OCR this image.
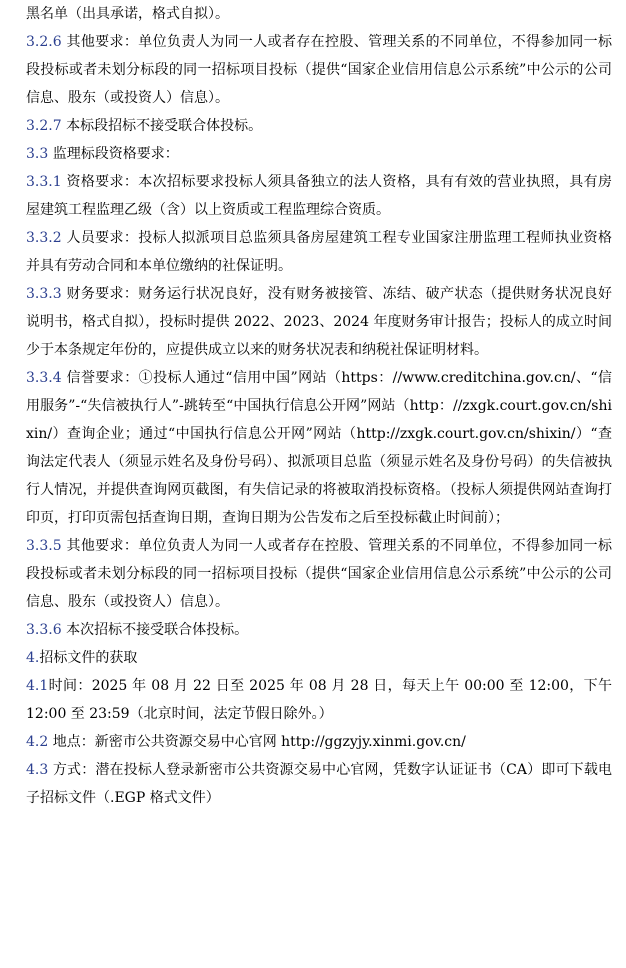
黑名单（出具承诺，格式自拟）。

3.2.6 其他要求：单位负责人为同一人或者存在控股、管理关系的不同单位，不得参加同一标段投标或者未划分标段的同一招标项目投标（提供“国家企业信用信息公示系统”中公示的公司信息、股东（或投资人）信息）。

3.2.7 本标段招标不接受联合体投标。

3.3 监理标段资格要求：

3.3.1 资格要求：本次招标要求投标人须具备独立的法人资格，具有有效的营业执照，具有房屋建筑工程监理乙级（含）以上资质或工程监理综合资质。

3.3.2 人员要求：投标人拟派项目总监须具备房屋建筑工程专业国家注册监理工程师执业资格并具有劳动合同和本单位缴纳的社保证明。

3.3.3 财务要求：财务运行状况良好，没有财务被接管、冻结、破产状态（提供财务状况良好说明书，格式自拟），投标时提供 2022、2023、2024 年度财务审计报告；投标人的成立时间少于本条规定年份的，应提供成立以来的财务状况表和纳税社保证明材料。

3.3.4 信誉要求：①投标人通过“信用中国”网站（https：//www.creditchina.gov.cn/、“信用服务”-“失信被执行人”-跳转至“中国执行信息公开网”网站（http：//zxgk.court.gov.cn/shixin/）查询企业；通过“中国执行信息公开网”网站（http://zxgk.court.gov.cn/shixin/）“查询法定代表人（须显示姓名及身份号码）、拟派项目总监（须显示姓名及身份号码）的失信被执行人情况，并提供查询网页截图，有失信记录的将被取消投标资格。（投标人须提供网站查询打印页，打印页需包括查询日期，查询日期为公告发布之后至投标截止时间前）；

3.3.5 其他要求：单位负责人为同一人或者存在控股、管理关系的不同单位，不得参加同一标段投标或者未划分标段的同一招标项目投标（提供“国家企业信用信息公示系统”中公示的公司信息、股东（或投资人）信息）。

3.3.6 本次招标不接受联合体投标。

4.招标文件的获取

4.1时间：2025 年 08 月 22 日至 2025 年 08 月 28 日，每天上午 00:00 至 12:00，下午 12:00 至 23:59（北京时间，法定节假日除外。）

4.2 地点：新密市公共资源交易中心官网 http://ggzyjy.xinmi.gov.cn/

4.3 方式：潜在投标人登录新密市公共资源交易中心官网，凭数字认证证书（CA）即可下载电子招标文件（.EGP 格式文件）
